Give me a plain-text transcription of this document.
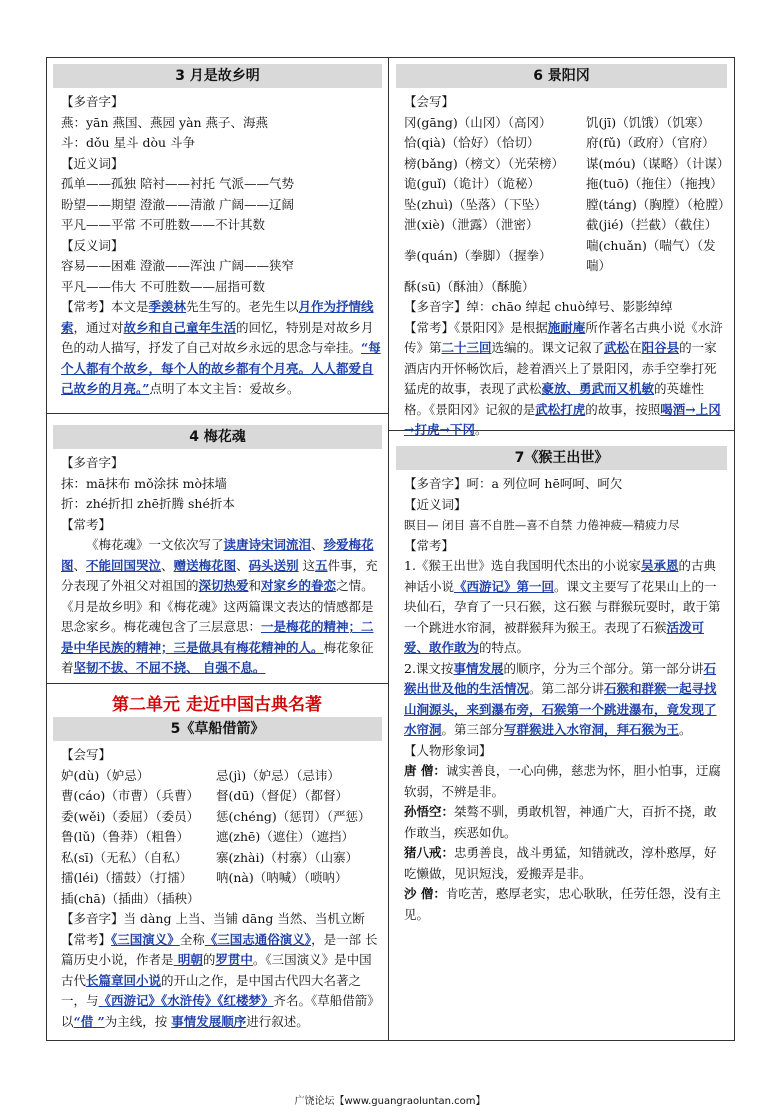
3 月是故乡明
【多音字】
燕：yān 燕国、燕园 yàn 燕子、海燕
斗：dǒu 星斗 dòu 斗争
【近义词】
孤单——孤独 陪衬——衬托 气派——气势
盼望——期望 澄澈——清澈 广阔——辽阔
平凡——平常 不可胜数——不计其数
【反义词】
容易——困难 澄澈——浑浊 广阔——狭窄
平凡——伟大 不可胜数——屈指可数
【常考】本文是季羡林先生写的。老先生以月作为抒情线索，通过对故乡和自己童年生活的回忆，特别是对故乡月色的动人描写，抒发了自己对故乡永远的思念与牵挂。“每个人都有个故乡，每个人的故乡都有个月亮。人人都爱自己故乡的月亮。”点明了本文主旨：爱故乡。
4 梅花魂
【多音字】
抹：mā抹布 mǒ涂抹 mò抹墙
折：zhé折扣 zhē折腾 shé折本
【常考】
《梅花魂》一文依次写了读唐诗宋词流泪、珍爱梅花图、不能回国哭泣、赠送梅花图、码头送别 这五件事，充分表现了外祖父对祖国的深切热爱和对家乡的眷恋之情。《月是故乡明》和《梅花魂》这两篇课文表达的情感都是思念家乡。梅花魂包含了三层意思：一是梅花的精神；二是中华民族的精神；三是做具有梅花精神的人。梅花象征着坚韧不拔、不屈不挠、 自强不息。
第二单元 走近中国古典名著
5《草船借箭》
【会写】
妒(dù)（妒忌）	忌(jì)（妒忌）（忌讳）
曹(cáo)（市曹）（兵曹）	督(dū)（督促）（都督）
委(wěi)（委屈）（委员）	惩(chéng)（惩罚）（严惩）
鲁(lǔ)（鲁莽）（粗鲁）	遮(zhē)（遮住）（遮挡）
私(sī)（无私）（自私）	寨(zhài)（村寨）（山寨）
擂(léi)（擂鼓）（打擂）	呐(nà)（呐喊）（唢呐）
插(chā)（插曲）（插秧）	
【多音字】当 dàng 上当、当铺 dāng 当然、当机立断
【常考】《三国演义》全称《三国志通俗演义》，是一部 长篇历史小说，作者是 明朝的罗贯中。《三国演义》是中国古代长篇章回小说的开山之作，是中国古代四大名著之一，与《西游记》《水浒传》《红楼梦》齐名。《草船借箭》以“借 ”为主线，按 事情发展顺序进行叙述。
6 景阳冈
【会写】
冈(gāng)（山冈）（高冈）	饥(jī)（饥饿）（饥寒）
恰(qià)（恰好）（恰切）	府(fǔ)（政府）（官府）
榜(bǎng)（榜文）（光荣榜）	谋(móu)（谋略）（计谋）
诡(guǐ)（诡计）（诡秘）	拖(tuō)（拖住）（拖拽）
坠(zhuì)（坠落）（下坠）	膛(táng)（胸膛）（枪膛）
泄(xiè)（泄露）（泄密）	截(jié)（拦截）（截住）
拳(quán)（拳脚）（握拳）	喘(chuǎn)（喘气）（发喘）
酥(sū)（酥油）（酥脆）	
【多音字】绰：chāo 绰起 chuò绰号、影影绰绰
【常考】《景阳冈》是根据施耐庵所作著名古典小说《水浒传》第二十三回选编的。课文记叙了武松在阳谷县的一家酒店内开怀畅饮后，趁着酒兴上了景阳冈，赤手空拳打死猛虎的故事，表现了武松豪放、勇武而又机敏的英雄性格。《景阳冈》记叙的是武松打虎的故事，按照喝酒→上冈→打虎→下冈。
7《猴王出世》
【多音字】呵：a 列位呵 hē呵呵、呵欠
【近义词】
瞑目— 闭目 喜不自胜—喜不自禁 力倦神疲—精疲力尽
【常考】
1.《猴王出世》选自我国明代杰出的小说家吴承恩的古典神话小说《西游记》第一回。课文主要写了花果山上的一块仙石，孕育了一只石猴，这石猴 与群猴玩耍时，敢于第一个跳进水帘洞，被群猴拜为猴王。表现了石猴活泼可爱、敢作敢为的特点。
2.课文按事情发展的顺序，分为三个部分。第一部分讲石猴出世及他的生活情况。第二部分讲石猴和群猴一起寻找山涧源头，来到瀑布旁，石猴第一个跳进瀑布，竟发现了水帘洞。第三部分写群猴进入水帘洞，拜石猴为王。
【人物形象词】
唐 僧：诚实善良，一心向佛，慈悲为怀，胆小怕事，迂腐软弱，不辨是非。
孙悟空：桀骜不驯，勇敢机智，神通广大，百折不挠，敢作敢当，疾恶如仇。
猪八戒：忠勇善良，战斗勇猛，知错就改，淳朴憨厚，好吃懒做，见识短浅，爱搬弄是非。
沙 僧：肯吃苦，憨厚老实，忠心耿耿，任劳任怨，没有主见。
广饶论坛【www.guangraoluntan.com】
